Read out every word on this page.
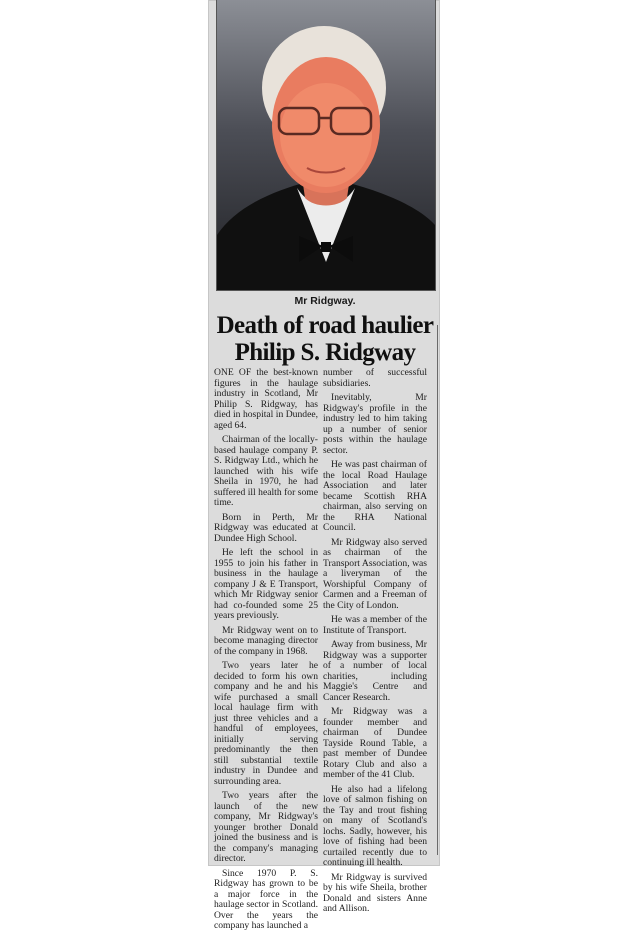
Mr Ridgway.
Death of road haulier
Philip S. Ridgway

ONE OF the best-known figures in the haulage industry in Scotland, Mr Philip S. Ridgway, has died in hospital in Dundee, aged 64.

Chairman of the locally-based haulage company P. S. Ridgway Ltd., which he launched with his wife Sheila in 1970, he had suffered ill health for some time.

Born in Perth, Mr Ridgway was educated at Dundee High School.

He left the school in 1955 to join his father in business in the haulage company J & E Transport, which Mr Ridgway senior had co-founded some 25 years previously.

Mr Ridgway went on to become managing director of the company in 1968.

Two years later he decided to form his own company and he and his wife purchased a small local haulage firm with just three vehicles and a handful of employees, initially serving predominantly the then still substantial textile industry in Dundee and surrounding area.

Two years after the launch of the new company, Mr Ridgway's younger brother Donald joined the business and is the company's managing director.

Since 1970 P. S. Ridgway has grown to be a major force in the haulage sector in Scotland. Over the years the company has launched a

number of successful subsidiaries.

Inevitably, Mr Ridgway's profile in the industry led to him taking up a number of senior posts within the haulage sector.

He was past chairman of the local Road Haulage Association and later became Scottish RHA chairman, also serving on the RHA National Council.

Mr Ridgway also served as chairman of the Transport Association, was a liveryman of the Worshipful Company of Carmen and a Freeman of the City of London.

He was a member of the Institute of Transport.

Away from business, Mr Ridgway was a supporter of a number of local charities, including Maggie's Centre and Cancer Research.

Mr Ridgway was a founder member and chairman of Dundee Tayside Round Table, a past member of Dundee Rotary Club and also a member of the 41 Club.

He also had a lifelong love of salmon fishing on the Tay and trout fishing on many of Scotland's lochs. Sadly, however, his love of fishing had been curtailed recently due to continuing ill health.

Mr Ridgway is survived by his wife Sheila, brother Donald and sisters Anne and Allison.
